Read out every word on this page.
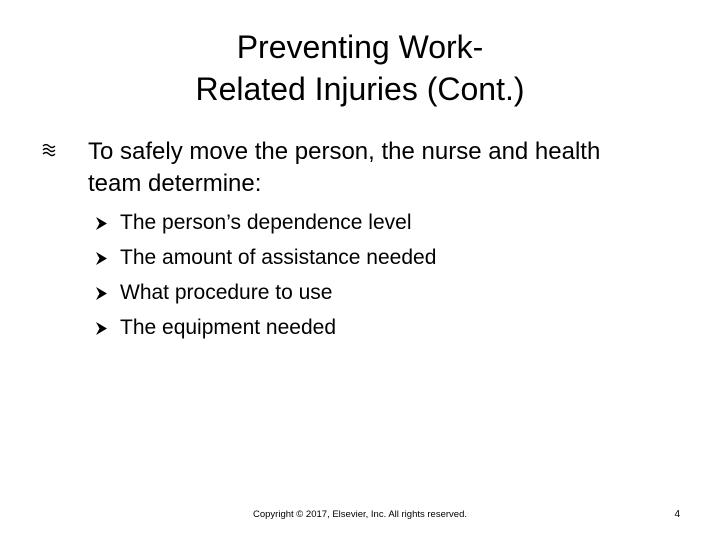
Preventing Work-
Related Injuries (Cont.)
To safely move the person, the nurse and health team determine:
The person’s dependence level
The amount of assistance needed
What procedure to use
The equipment needed
Copyright © 2017, Elsevier, Inc. All rights reserved.	4
